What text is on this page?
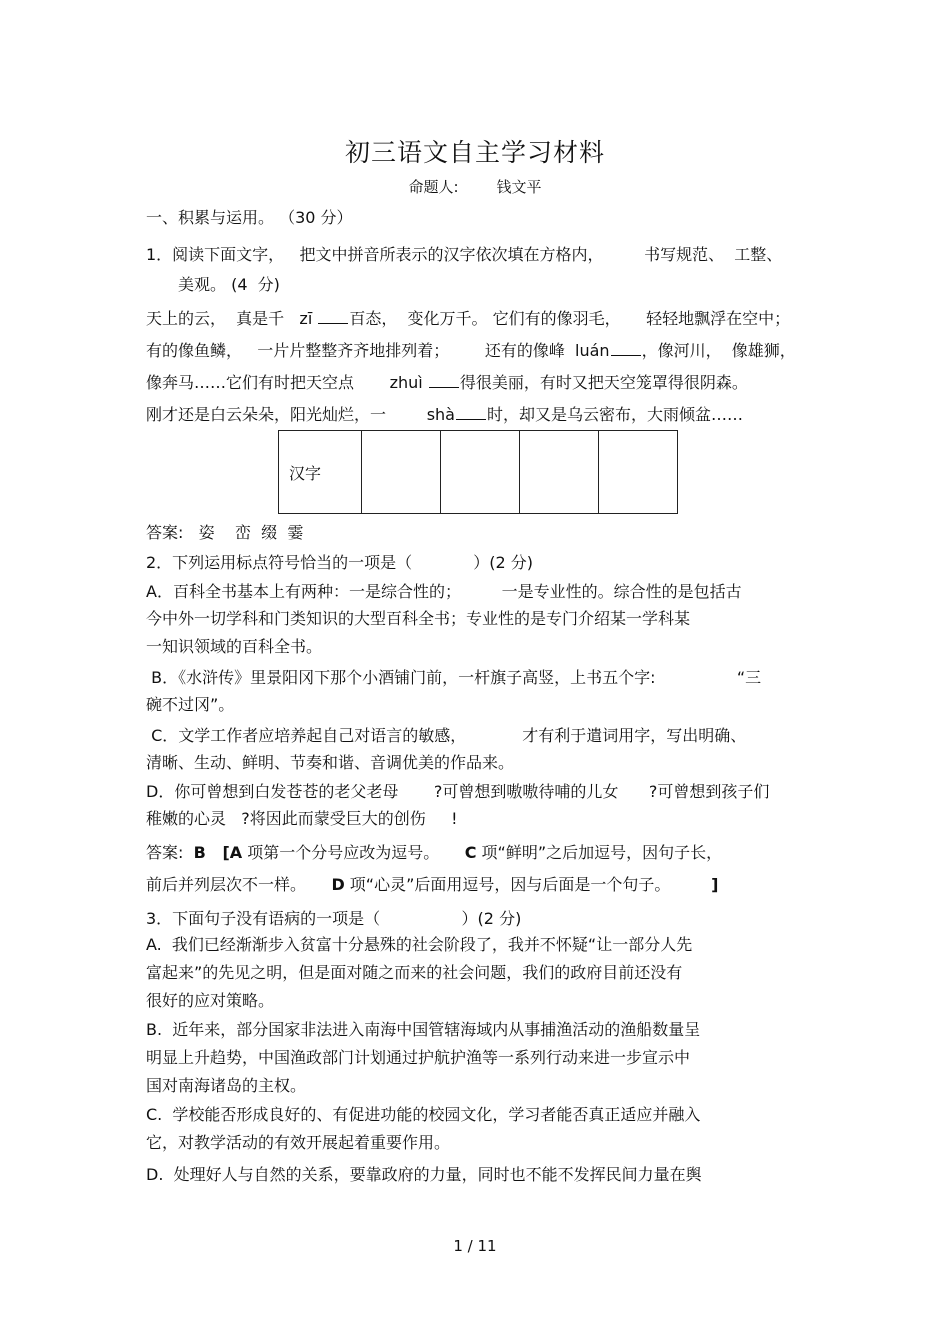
初三语文自主学习材料
命题人:	钱文平
一、积累与运用。 （30 分）
1．阅读下面文字，   把文中拼音所表示的汉字依次填在方格内，        书写规范、  工整、
美观。 (4  分)
天上的云，  真是千   zī 百态，  变化万千。 它们有的像羽毛，     轻轻地飘浮在空中；
有的像鱼鳞，   一片片整整齐齐地排列着；       还有的像峰  luán ，像河川，  像雄狮，
像奔马……它们有时把天空点       zhuì 得很美丽，有时又把天空笼罩得很阴森。
刚才还是白云朵朵，阳光灿烂，一        shà 时，却又是乌云密布，大雨倾盆……
汉字				
答案:   姿    峦  缀  霎
2．下列运用标点符号恰当的一项是（            ）(2 分)
A．百科全书基本上有两种：一是综合性的；        一是专业性的。综合性的是包括古
今中外一切学科和门类知识的大型百科全书；专业性的是专门介绍某一学科某
一知识领域的百科全书。
B．《水浒传》里景阳冈下那个小酒铺门前，一杆旗子高竖，上书五个字:                “三
碗不过冈”。
C．文学工作者应培养起自己对语言的敏感，           才有利于遣词用字，写出明确、
清晰、生动、鲜明、节奏和谐、音调优美的作品来。
D．你可曾想到白发苍苍的老父老母       ?可曾想到嗷嗷待哺的儿女      ?可曾想到孩子们
稚嫩的心灵   ?将因此而蒙受巨大的创伤     !
答案:  B   [A 项第一个分号应改为逗号。     C 项“鲜明”之后加逗号，因句子长，
前后并列层次不一样。     D 项“心灵”后面用逗号，因与后面是一个句子。        ]
3．下面句子没有语病的一项是（                ）(2 分)
A.  我们已经渐渐步入贫富十分悬殊的社会阶段了，我并不怀疑“让一部分人先
富起来”的先见之明，但是面对随之而来的社会问题，我们的政府目前还没有
很好的应对策略。
B.  近年来，部分国家非法进入南海中国管辖海域内从事捕渔活动的渔船数量呈
明显上升趋势，中国渔政部门计划通过护航护渔等一系列行动来进一步宣示中
国对南海诸岛的主权。
C.  学校能否形成良好的、有促进功能的校园文化，学习者能否真正适应并融入
它，对教学活动的有效开展起着重要作用。
D.  处理好人与自然的关系，要靠政府的力量，同时也不能不发挥民间力量在舆
1 / 11
